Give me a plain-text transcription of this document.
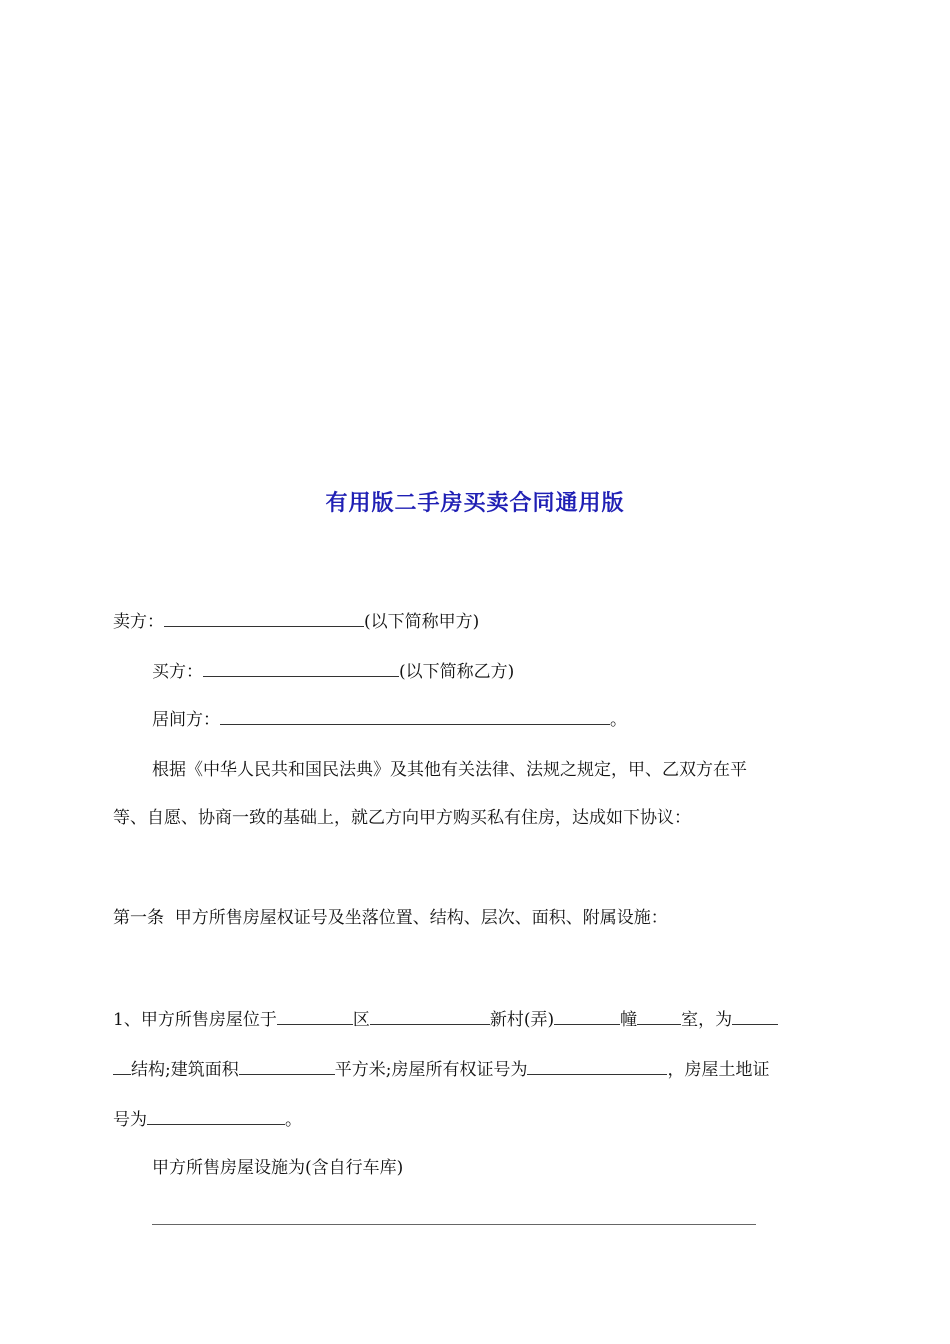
有用版二手房买卖合同通用版
卖方：	(以下简称甲方)
买方：	(以下简称乙方)
居间方：	。
根据《中华人民共和国民法典》及其他有关法律、法规之规定，甲、乙双方在平
等、自愿、协商一致的基础上，就乙方向甲方购买私有住房，达成如下协议：
第一条  甲方所售房屋权证号及坐落位置、结构、层次、面积、附属设施：
1、甲方所售房屋位于	区	新村(弄)	幢	室，为
结构;建筑面积	平方米;房屋所有权证号为	，房屋土地证
号为	。
甲方所售房屋设施为(含自行车库)
